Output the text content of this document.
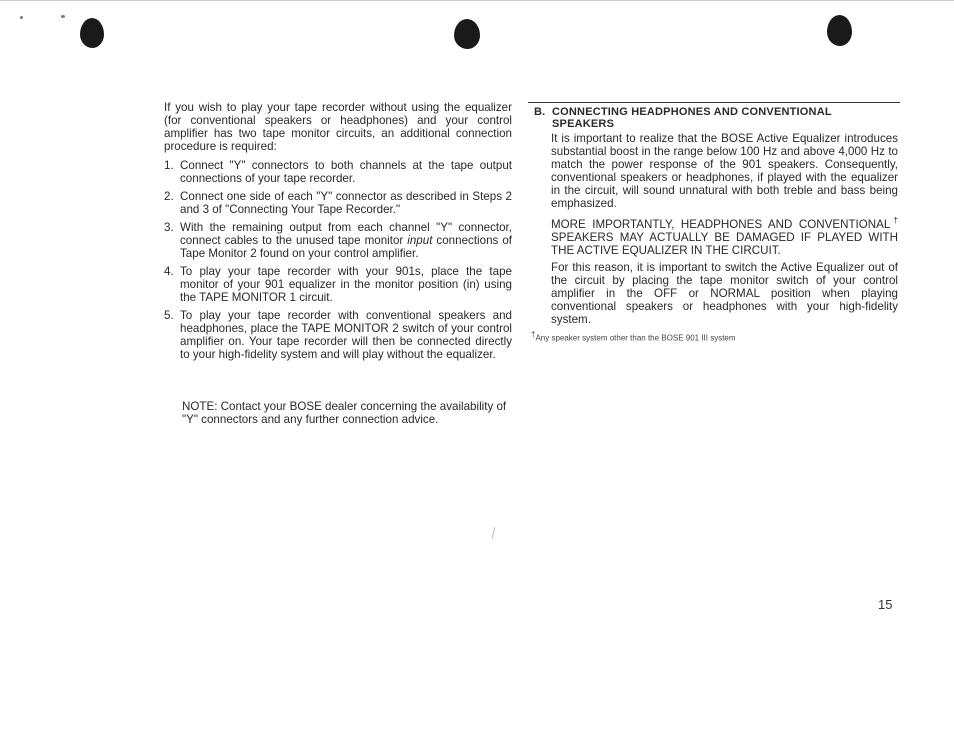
If you wish to play your tape recorder without using the equalizer (for conventional speakers or headphones) and your control amplifier has two tape monitor circuits, an additional connection procedure is required:

1. Connect "Y" connectors to both channels at the tape output connections of your tape recorder.
2. Connect one side of each "Y" connector as described in Steps 2 and 3 of "Connecting Your Tape Recorder."
3. With the remaining output from each channel "Y" connector, connect cables to the unused tape monitor input connections of Tape Monitor 2 found on your control amplifier.
4. To play your tape recorder with your 901s, place the tape monitor of your 901 equalizer in the monitor position (in) using the TAPE MONITOR 1 circuit.
5. To play your tape recorder with conventional speakers and headphones, place the TAPE MONITOR 2 switch of your control amplifier on. Your tape recorder will then be connected directly to your high-fidelity system and will play without the equalizer.
NOTE: Contact your BOSE dealer concerning the availability of "Y" connectors and any further connection advice.
B. CONNECTING HEADPHONES AND CONVENTIONAL
SPEAKERS

It is important to realize that the BOSE Active Equalizer introduces substantial boost in the range below 100 Hz and above 4,000 Hz to match the power response of the 901 speakers. Consequently, conventional speakers or headphones, if played with the equalizer in the circuit, will sound unnatural with both treble and bass being emphasized.

MORE IMPORTANTLY, HEADPHONES AND CONVENTIONAL† SPEAKERS MAY ACTUALLY BE DAMAGED IF PLAYED WITH THE ACTIVE EQUALIZER IN THE CIRCUIT.

For this reason, it is important to switch the Active Equalizer out of the circuit by placing the tape monitor switch of your control amplifier in the OFF or NORMAL position when playing conventional speakers or headphones with your high-fidelity system.

†Any speaker system other than the BOSE 901 III system
15
